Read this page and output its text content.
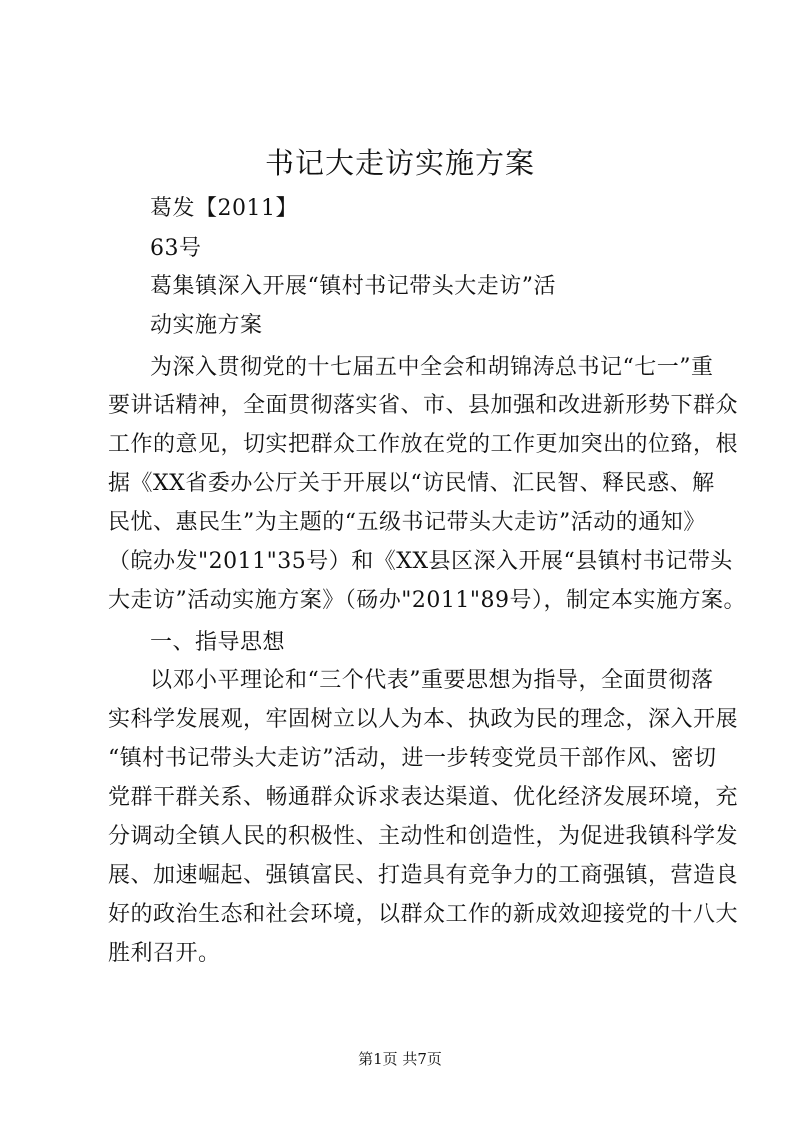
书记大走访实施方案
葛发【2011】
63号
葛集镇深入开展“镇村书记带头大走访”活
动实施方案
为深入贯彻党的十七届五中全会和胡锦涛总书记“七一”重
要讲话精神，全面贯彻落实省、市、县加强和改进新形势下群众
工作的意见，切实把群众工作放在党的工作更加突出的位臵，根
据《XX省委办公厅关于开展以“访民情、汇民智、释民惑、解
民忧、惠民生”为主题的“五级书记带头大走访”活动的通知》
（皖办发"2011"35号）和《XX县区深入开展“县镇村书记带头
大走访”活动实施方案》（砀办"2011"89号），制定本实施方案。
一、指导思想
以邓小平理论和“三个代表”重要思想为指导，全面贯彻落
实科学发展观，牢固树立以人为本、执政为民的理念，深入开展
“镇村书记带头大走访”活动，进一步转变党员干部作风、密切
党群干群关系、畅通群众诉求表达渠道、优化经济发展环境，充
分调动全镇人民的积极性、主动性和创造性，为促进我镇科学发
展、加速崛起、强镇富民、打造具有竞争力的工商强镇，营造良
好的政治生态和社会环境，以群众工作的新成效迎接党的十八大
胜利召开。
第1页 共7页
